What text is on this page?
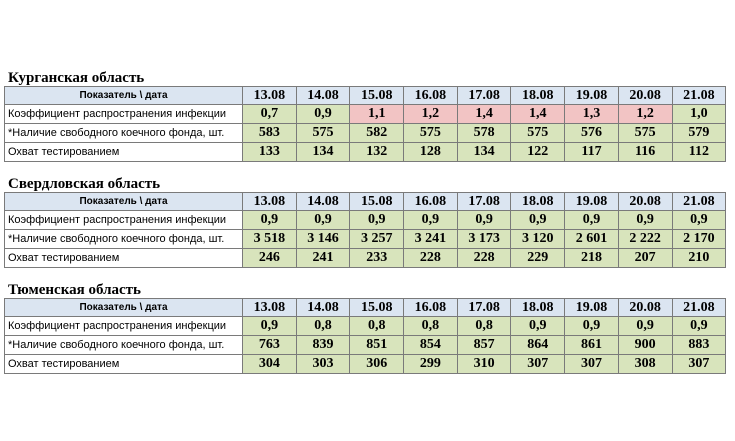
Курганская область
Показатель \ дата	13.08	14.08	15.08	16.08	17.08	18.08	19.08	20.08	21.08
Коэффициент распространения инфекции	0,7	0,9	1,1	1,2	1,4	1,4	1,3	1,2	1,0
*Наличие свободного коечного фонда, шт.	583	575	582	575	578	575	576	575	579
Охват тестированием	133	134	132	128	134	122	117	116	112
Свердловская область
Показатель \ дата	13.08	14.08	15.08	16.08	17.08	18.08	19.08	20.08	21.08
Коэффициент распространения инфекции	0,9	0,9	0,9	0,9	0,9	0,9	0,9	0,9	0,9
*Наличие свободного коечного фонда, шт.	3 518	3 146	3 257	3 241	3 173	3 120	2 601	2 222	2 170
Охват тестированием	246	241	233	228	228	229	218	207	210
Тюменская область
Показатель \ дата	13.08	14.08	15.08	16.08	17.08	18.08	19.08	20.08	21.08
Коэффициент распространения инфекции	0,9	0,8	0,8	0,8	0,8	0,9	0,9	0,9	0,9
*Наличие свободного коечного фонда, шт.	763	839	851	854	857	864	861	900	883
Охват тестированием	304	303	306	299	310	307	307	308	307
